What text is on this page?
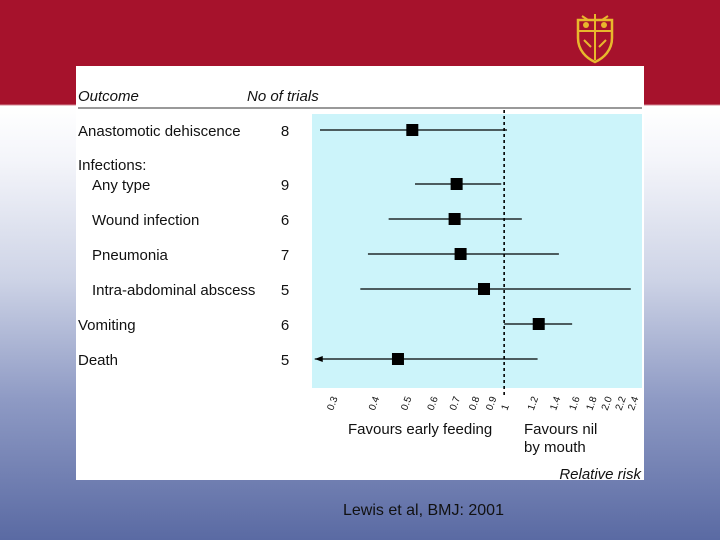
Outcome	No of trials
Anastomotic dehiscence	8
Infections:
Any type	9
Wound infection	6
Pneumonia	7
Intra-abdominal abscess 5
Vomiting	6
Death	5
0.3	0.4 0.5 0.6 0.7 0.8 0.9 1 1.2 1.4 1.6 1.8 2.0
2.2
2.4
Favours early feeding Favours nil
by mouth
Relative risk
Lewis et al, BMJ: 2001
